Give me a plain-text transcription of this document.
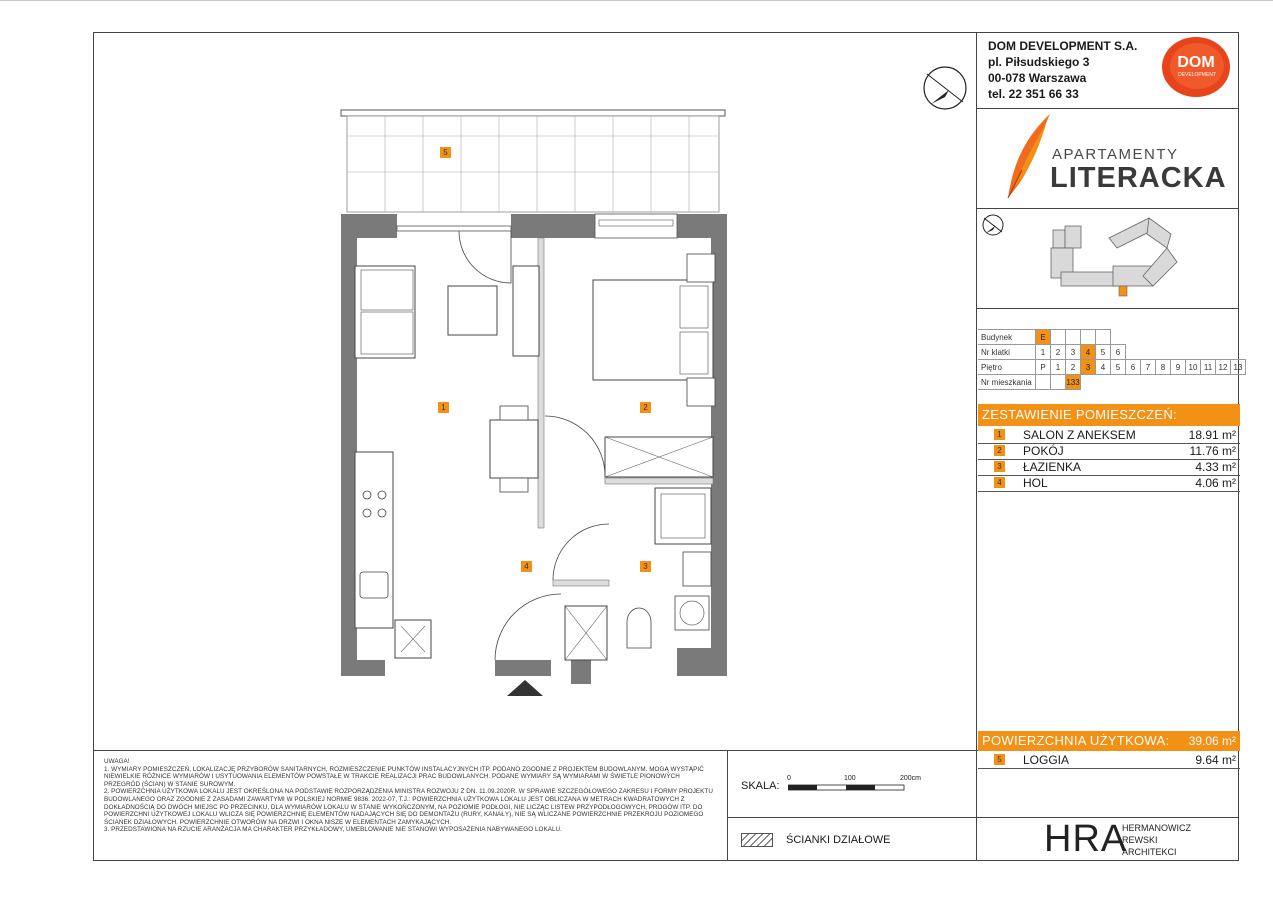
DOM DEVELOPMENT S.A.
pl. Piłsudskiego 3
00-078 Warszawa
tel. 22 351 66 33
DOM
DEVELOPMENT
APARTAMENTY
LITERACKA
Budynek	E													
Nr klatki	1	2	3	4	5	6								
Piętro	P	1	2	3	4	5	6	7	8	9	10	11	12	13
Nr mieszkania			133											
ZESTAWIENIE POMIESZCZEŃ:
1 SALON Z ANEKSEM	18.91 m²
2 POKÓJ	11.76 m²
3 ŁAZIENKA	4.33 m²
4 HOL	4.06 m²
POWIERZCHNIA UŻYTKOWA: 39.06 m²
5 LOGGIA	9.64 m²
5
1	2
3
4

UWAGA!

1. WYMIARY POMIESZCZEŃ, LOKALIZACJĘ PRZYBORÓW SANITARNYCH, ROZMIESZCZENIE PUNKTÓW INSTALACYJNYCH ITP. PODANO ZGODNIE Z PROJEKTEM BUDOWLANYM. MOGĄ WYSTĄPIĆ NIEWIELKIE RÓŻNICE WYMIARÓW I USYTUOWANIA ELEMENTÓW POWSTAŁE W TRAKCIE REALIZACJI PRAC BUDOWLANYCH. PODANE WYMIARY SĄ WYMIARAMI W ŚWIETLE PIONOWYCH PRZEGRÓD (ŚCIAN) W STANIE SUROWYM.

2. POWIERZCHNIA UŻYTKOWA LOKALU JEST OKREŚLONA NA PODSTAWIE ROZPORZĄDZENIA MINISTRA ROZWOJU Z DN. 11.09.2020R. W SPRAWIE SZCZEGÓŁOWEGO ZAKRESU I FORMY PROJEKTU BUDOWLANEGO ORAZ ZGODNIE Z ZASADAMI ZAWARTYMI W POLSKIEJ NORMIE 9836: 2022-07, T.J.: POWIERZCHNIA UŻYTKOWA LOKALU JEST OBLICZANA W METRACH KWADRATOWYCH Z DOKŁADNOŚCIĄ DO DWÓCH MIEJSC PO PRZECINKU, DLA WYMIARÓW LOKALU W STANIE WYKOŃCZONYM, NA POZIOMIE PODŁOGI, NIE LICZĄC LISTEW PRZYPODŁOGOWYCH, PROGÓW ITP. DO POWIERZCHNI UŻYTKOWEJ LOKALU WLICZA SIĘ POWIERZCHNIĘ ELEMENTÓW NADAJĄCYCH SIĘ DO DEMONTAŻU (RURY, KANAŁY), NIE SĄ WLICZANE POWIERZCHNIE PRZEKROJU POZIOMEGO ŚCIANEK DZIAŁOWYCH. POWIERZCHNIE OTWORÓW NA DRZWI I OKNA NISZE W ELEMENTACH ZAMYKAJĄCYCH.

3. PRZEDSTAWIONA NA RZUCIE ARANŻACJA MA CHARAKTER PRZYKŁADOWY, UMEBLOWANIE NIE STANOWI WYPOSAŻENIA NABYWANEGO LOKALU.

SKALA:
0	100	200cm
ŚCIANKI DZIAŁOWE	HRA
HERMANOWICZ
REWSKI
ARCHITEKCI
